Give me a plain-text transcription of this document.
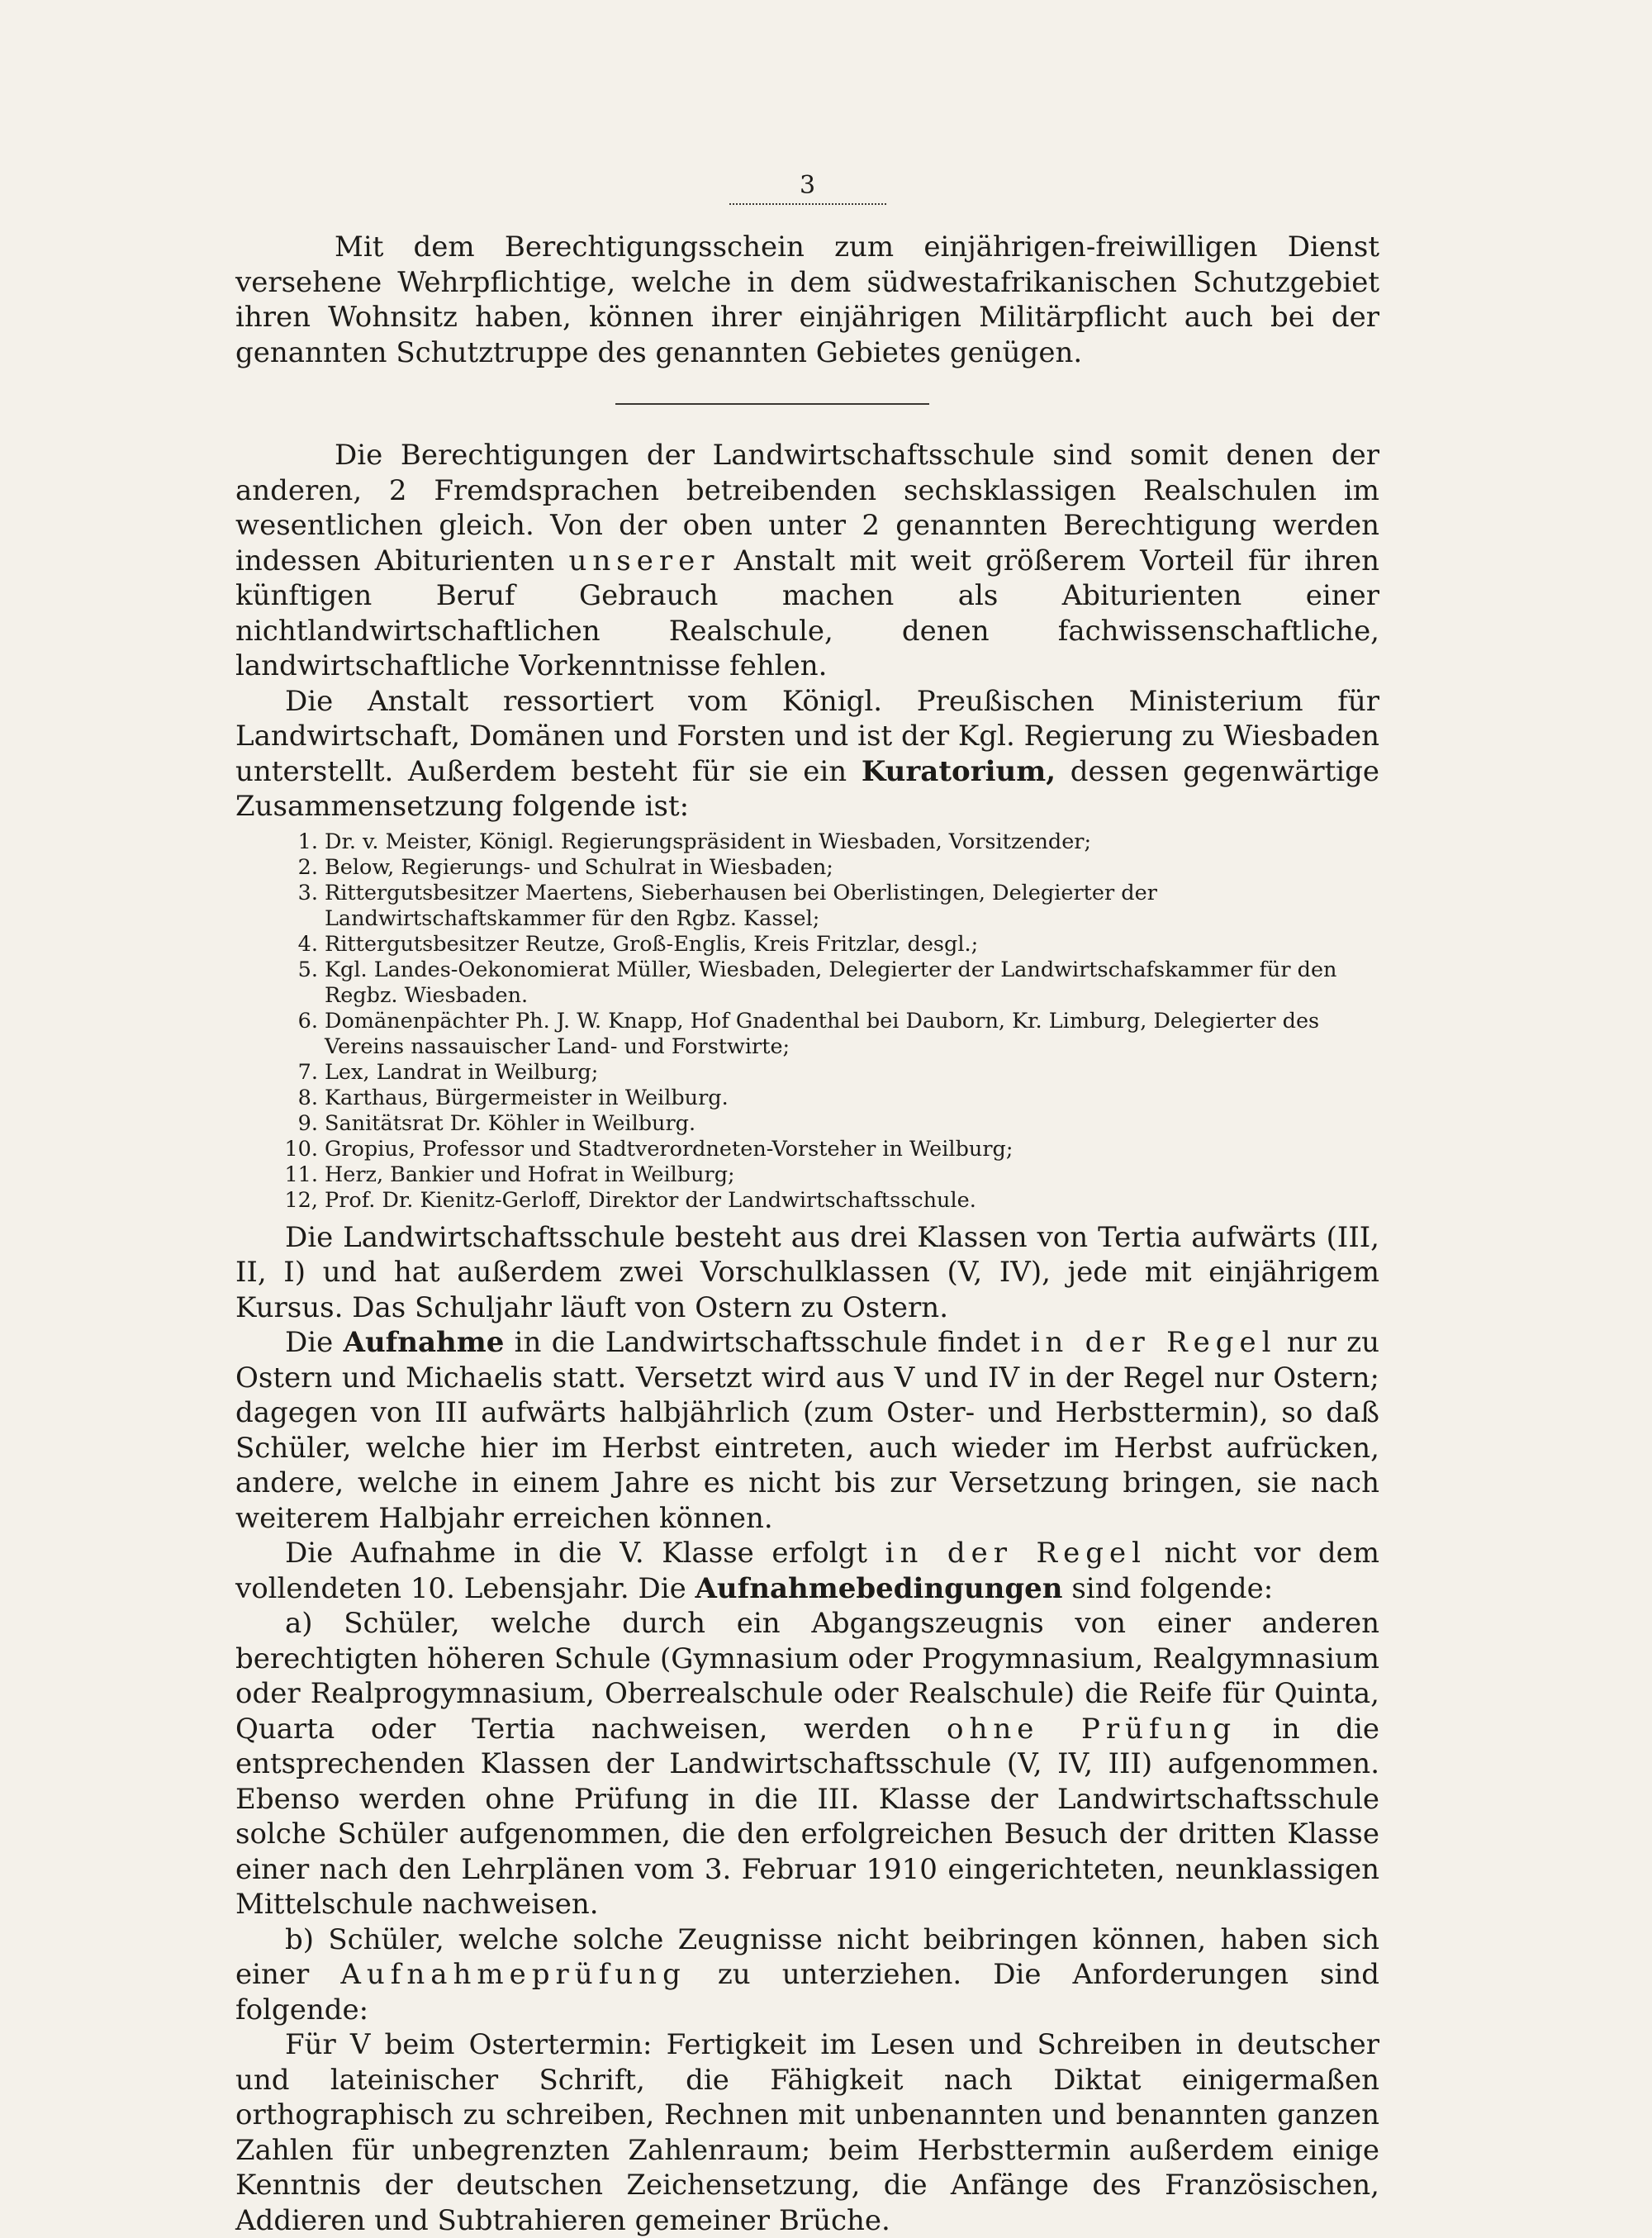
3

Mit dem Berechtigungsschein zum einjährigen-freiwilligen Dienst versehene Wehrpflichtige, welche in dem südwestafrikanischen Schutzgebiet ihren Wohnsitz haben, können ihrer einjährigen Militärpflicht auch bei der genannten Schutztruppe des genannten Gebietes genügen.

Die Berechtigungen der Landwirtschaftsschule sind somit denen der anderen, 2 Fremdsprachen betreibenden sechsklassigen Realschulen im wesentlichen gleich. Von der oben unter 2 genannten Berechtigung werden indessen Abiturienten unserer Anstalt mit weit größerem Vorteil für ihren künftigen Beruf Gebrauch machen als Abiturienten einer nichtlandwirtschaftlichen Realschule, denen fachwissenschaftliche, landwirtschaftliche Vorkenntnisse fehlen.

Die Anstalt ressortiert vom Königl. Preußischen Ministerium für Landwirtschaft, Domänen und Forsten und ist der Kgl. Regierung zu Wiesbaden unterstellt. Außerdem besteht für sie ein Kuratorium, dessen gegenwärtige Zusammensetzung folgende ist:

1. Dr. v. Meister, Königl. Regierungspräsident in Wiesbaden, Vorsitzender;
2. Below, Regierungs- und Schulrat in Wiesbaden;
3. Rittergutsbesitzer Maertens, Sieberhausen bei Oberlistingen, Delegierter der Landwirtschaftskammer für den Rgbz. Kassel;
4. Rittergutsbesitzer Reutze, Groß-Englis, Kreis Fritzlar, desgl.;
5. Kgl. Landes-Oekonomierat Müller, Wiesbaden, Delegierter der Landwirtschafskammer für den Regbz. Wiesbaden.
6. Domänenpächter Ph. J. W. Knapp, Hof Gnadenthal bei Dauborn, Kr. Limburg, Delegierter des Vereins nassauischer Land- und Forstwirte;
7. Lex, Landrat in Weilburg;
8. Karthaus, Bürgermeister in Weilburg.
9. Sanitätsrat Dr. Köhler in Weilburg.
10. Gropius, Professor und Stadtverordneten-Vorsteher in Weilburg;
11. Herz, Bankier und Hofrat in Weilburg;
12, Prof. Dr. Kienitz-Gerloff, Direktor der Landwirtschaftsschule.

Die Landwirtschaftsschule besteht aus drei Klassen von Tertia aufwärts (III, II, I) und hat außerdem zwei Vorschulklassen (V, IV), jede mit einjährigem Kursus. Das Schuljahr läuft von Ostern zu Ostern.

Die Aufnahme in die Landwirtschaftsschule findet in der Regel nur zu Ostern und Michaelis statt. Versetzt wird aus V und IV in der Regel nur Ostern; dagegen von III aufwärts halbjährlich (zum Oster- und Herbsttermin), so daß Schüler, welche hier im Herbst eintreten, auch wieder im Herbst aufrücken, andere, welche in einem Jahre es nicht bis zur Versetzung bringen, sie nach weiterem Halbjahr erreichen können.

Die Aufnahme in die V. Klasse erfolgt in der Regel nicht vor dem vollendeten 10. Lebensjahr. Die Aufnahmebedingungen sind folgende:

a) Schüler, welche durch ein Abgangszeugnis von einer anderen berechtigten höheren Schule (Gymnasium oder Progymnasium, Realgymnasium oder Realprogymnasium, Oberrealschule oder Realschule) die Reife für Quinta, Quarta oder Tertia nachweisen, werden ohne Prüfung in die entsprechenden Klassen der Landwirtschaftsschule (V, IV, III) aufgenommen. Ebenso werden ohne Prüfung in die III. Klasse der Landwirtschaftsschule solche Schüler aufgenommen, die den erfolgreichen Besuch der dritten Klasse einer nach den Lehrplänen vom 3. Februar 1910 eingerichteten, neunklassigen Mittelschule nachweisen.

b) Schüler, welche solche Zeugnisse nicht beibringen können, haben sich einer Aufnahmeprüfung zu unterziehen. Die Anforderungen sind folgende:

Für V beim Ostertermin: Fertigkeit im Lesen und Schreiben in deutscher und lateinischer Schrift, die Fähigkeit nach Diktat einigermaßen orthographisch zu schreiben, Rechnen mit unbenannten und benannten ganzen Zahlen für unbegrenzten Zahlenraum; beim Herbsttermin außerdem einige Kenntnis der deutschen Zeichensetzung, die Anfänge des Französischen, Addieren und Subtrahieren gemeiner Brüche.
